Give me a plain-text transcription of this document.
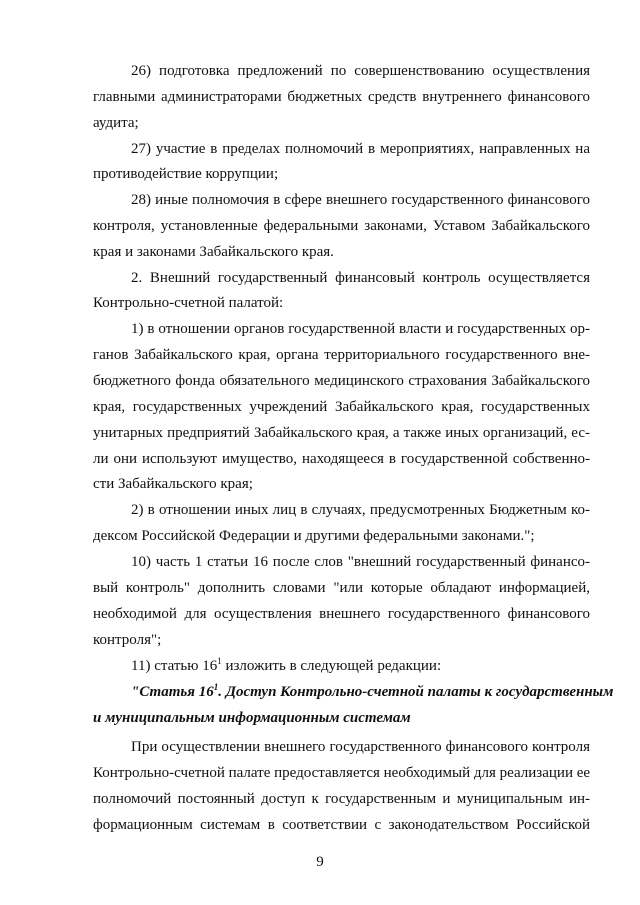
26) подготовка предложений по совершенствованию осуществления
главными администраторами бюджетных средств внутреннего финансового
аудита;
27) участие в пределах полномочий в мероприятиях, направленных на
противодействие коррупции;
28) иные полномочия в сфере внешнего государственного финансового
контроля, установленные федеральными законами, Уставом Забайкальского
края и законами Забайкальского края.
2. Внешний государственный финансовый контроль осуществляется
Контрольно-счетной палатой:
1) в отношении органов государственной власти и государственных ор-
ганов Забайкальского края, органа территориального государственного вне-
бюджетного фонда обязательного медицинского страхования Забайкальского
края, государственных учреждений Забайкальского края, государственных
унитарных предприятий Забайкальского края, а также иных организаций, ес-
ли они используют имущество, находящееся в государственной собственно-
сти Забайкальского края;
2) в отношении иных лиц в случаях, предусмотренных Бюджетным ко-
дексом Российской Федерации и другими федеральными законами.";
10) часть 1 статьи 16 после слов "внешний государственный финансо-
вый контроль" дополнить словами "или которые обладают информацией,
необходимой для осуществления внешнего государственного финансового
контроля";
11) статью $16^1$ изложить в следующей редакции:
"Статья $16^1$. Доступ Контрольно-счетной палаты к государственным
и муниципальным информационным системам
При осуществлении внешнего государственного финансового контроля
Контрольно-счетной палате предоставляется необходимый для реализации ее
полномочий постоянный доступ к государственным и муниципальным ин-
формационным системам в соответствии с законодательством Российской
9
